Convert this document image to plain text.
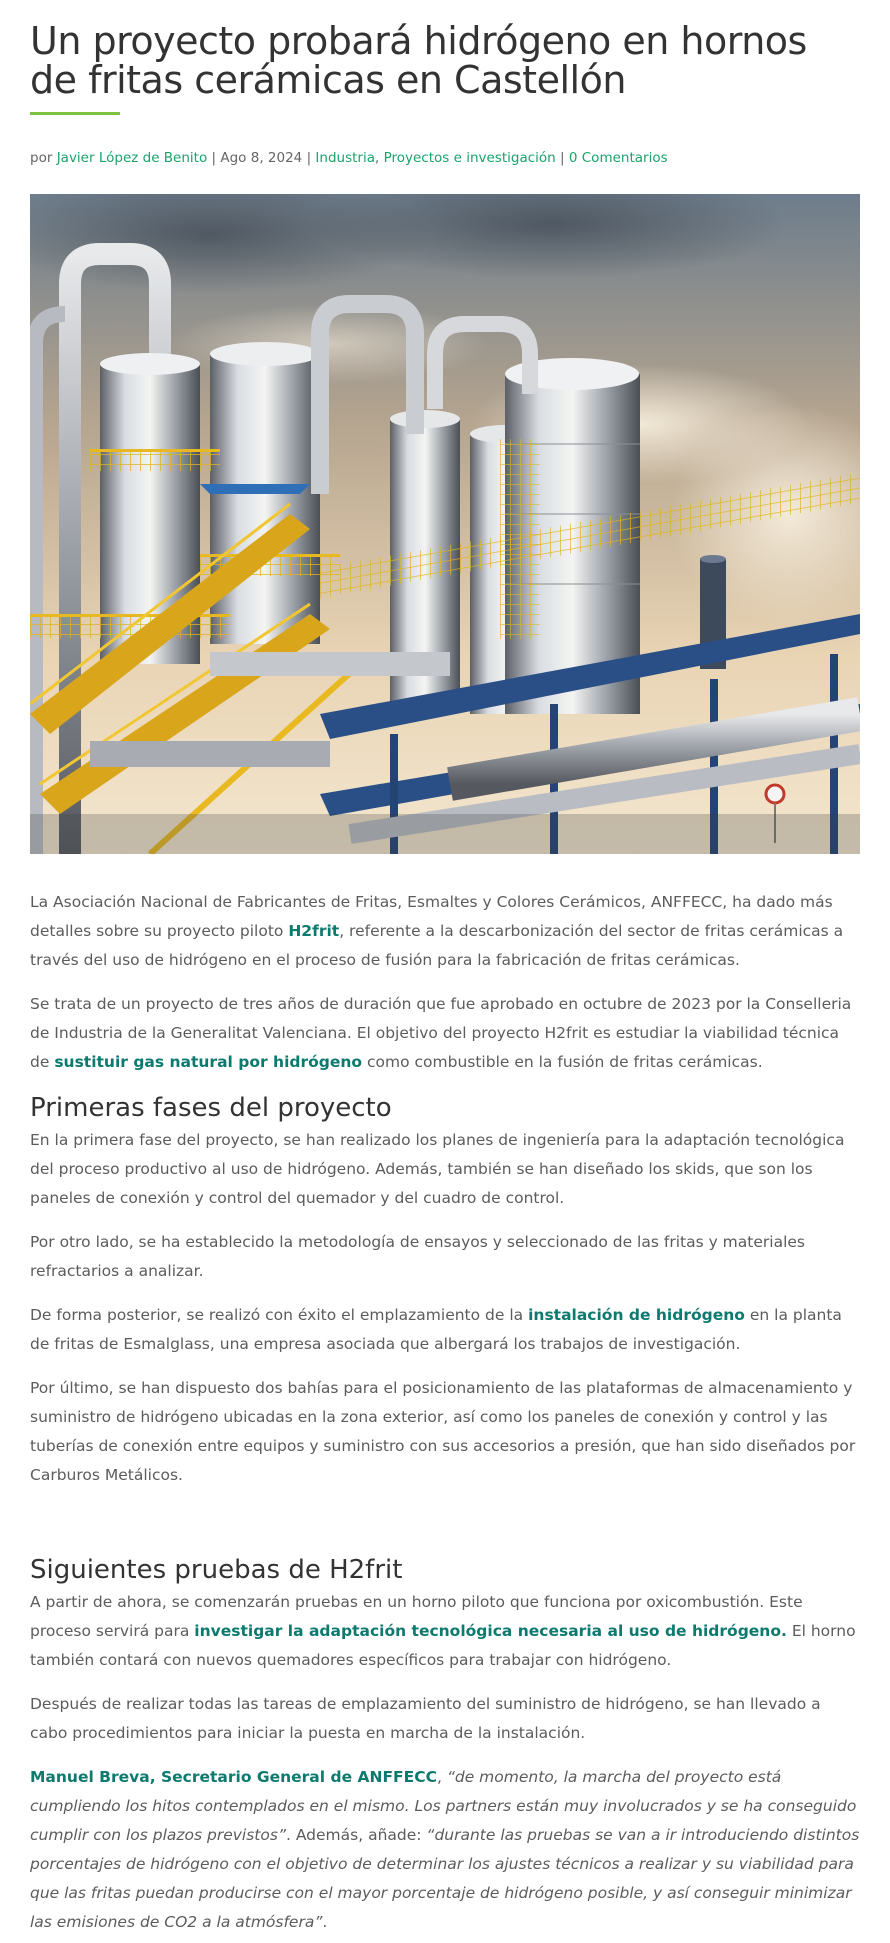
Un proyecto probará hidrógeno en hornos de fritas cerámicas en Castellón
por Javier López de Benito | Ago 8, 2024 | Industria, Proyectos e investigación | 0 Comentarios

La Asociación Nacional de Fabricantes de Fritas, Esmaltes y Colores Cerámicos, ANFFECC, ha dado más detalles sobre su proyecto piloto H2frit, referente a la descarbonización del sector de fritas cerámicas a través del uso de hidrógeno en el proceso de fusión para la fabricación de fritas cerámicas.

Se trata de un proyecto de tres años de duración que fue aprobado en octubre de 2023 por la Conselleria de Industria de la Generalitat Valenciana. El objetivo del proyecto H2frit es estudiar la viabilidad técnica de sustituir gas natural por hidrógeno como combustible en la fusión de fritas cerámicas.

Primeras fases del proyecto

En la primera fase del proyecto, se han realizado los planes de ingeniería para la adaptación tecnológica del proceso productivo al uso de hidrógeno. Además, también se han diseñado los skids, que son los paneles de conexión y control del quemador y del cuadro de control.

Por otro lado, se ha establecido la metodología de ensayos y seleccionado de las fritas y materiales refractarios a analizar.

De forma posterior, se realizó con éxito el emplazamiento de la instalación de hidrógeno en la planta de fritas de Esmalglass, una empresa asociada que albergará los trabajos de investigación.

Por último, se han dispuesto dos bahías para el posicionamiento de las plataformas de almacenamiento y suministro de hidrógeno ubicadas en la zona exterior, así como los paneles de conexión y control y las tuberías de conexión entre equipos y suministro con sus accesorios a presión, que han sido diseñados por Carburos Metálicos.

Siguientes pruebas de H2frit

A partir de ahora, se comenzarán pruebas en un horno piloto que funciona por oxicombustión. Este proceso servirá para investigar la adaptación tecnológica necesaria al uso de hidrógeno. El horno también contará con nuevos quemadores específicos para trabajar con hidrógeno.

Después de realizar todas las tareas de emplazamiento del suministro de hidrógeno, se han llevado a cabo procedimientos para iniciar la puesta en marcha de la instalación.

Manuel Breva, Secretario General de ANFFECC, “de momento, la marcha del proyecto está cumpliendo los hitos contemplados en el mismo. Los partners están muy involucrados y se ha conseguido cumplir con los plazos previstos”. Además, añade: “durante las pruebas se van a ir introduciendo distintos porcentajes de hidrógeno con el objetivo de determinar los ajustes técnicos a realizar y su viabilidad para que las fritas puedan producirse con el mayor porcentaje de hidrógeno posible, y así conseguir minimizar las emisiones de CO2 a la atmósfera”.
